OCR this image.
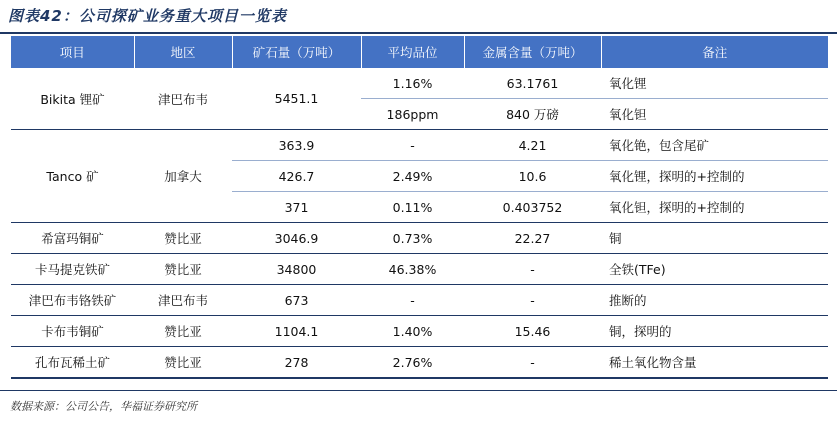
图表42：公司探矿业务重大项目一览表
项目	地区	矿石量（万吨）	平均品位	金属含量（万吨）	备注
Bikita 锂矿	津巴布韦	5451.1	1.16%	63.1761	氧化锂
			186ppm	840 万磅	氧化钽
Tanco 矿	加拿大	363.9	-	4.21	氧化铯，包含尾矿
		426.7	2.49%	10.6	氧化锂，探明的+控制的
		371	0.11%	0.403752	氧化钽，探明的+控制的
希富玛铜矿	赞比亚	3046.9	0.73%	22.27	铜
卡马提克铁矿	赞比亚	34800	46.38%	-	全铁(TFe)
津巴布韦铬铁矿	津巴布韦	673	-	-	推断的
卡布韦铜矿	赞比亚	1104.1	1.40%	15.46	铜，探明的
孔布瓦稀土矿	赞比亚	278	2.76%	-	稀土氧化物含量
数据来源：公司公告，华福证券研究所
